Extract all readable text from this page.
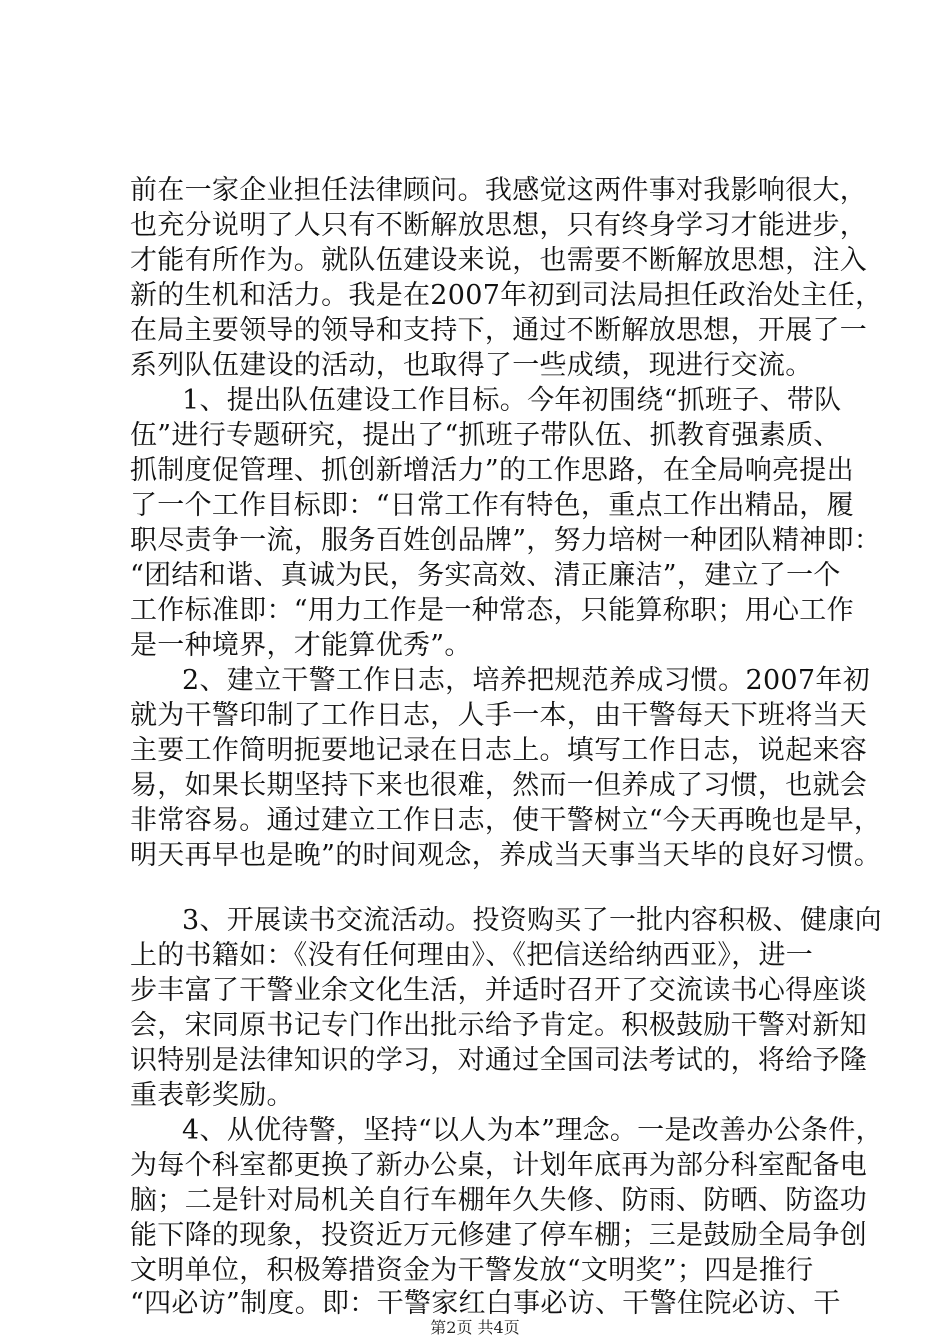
前在一家企业担任法律顾问。我感觉这两件事对我影响很大，
也充分说明了人只有不断解放思想，只有终身学习才能进步，
才能有所作为。就队伍建设来说，也需要不断解放思想，注入
新的生机和活力。我是在2007年初到司法局担任政治处主任，
在局主要领导的领导和支持下，通过不断解放思想，开展了一
系列队伍建设的活动，也取得了一些成绩，现进行交流。
1、提出队伍建设工作目标。今年初围绕“抓班子、带队
伍”进行专题研究，提出了“抓班子带队伍、抓教育强素质、
抓制度促管理、抓创新增活力”的工作思路，在全局响亮提出
了一个工作目标即：“日常工作有特色，重点工作出精品，履
职尽责争一流，服务百姓创品牌”，努力培树一种团队精神即：
“团结和谐、真诚为民，务实高效、清正廉洁”，建立了一个
工作标准即：“用力工作是一种常态，只能算称职；用心工作
是一种境界，才能算优秀”。
2、建立干警工作日志，培养把规范养成习惯。2007年初
就为干警印制了工作日志，人手一本，由干警每天下班将当天
主要工作简明扼要地记录在日志上。填写工作日志，说起来容
易，如果长期坚持下来也很难，然而一但养成了习惯，也就会
非常容易。通过建立工作日志，使干警树立“今天再晚也是早，
明天再早也是晚”的时间观念，养成当天事当天毕的良好习惯。
3、开展读书交流活动。投资购买了一批内容积极、健康向
上的书籍如：《没有任何理由》、《把信送给纳西亚》，进一
步丰富了干警业余文化生活，并适时召开了交流读书心得座谈
会，宋同原书记专门作出批示给予肯定。积极鼓励干警对新知
识特别是法律知识的学习，对通过全国司法考试的，将给予隆
重表彰奖励。
4、从优待警，坚持“以人为本”理念。一是改善办公条件，
为每个科室都更换了新办公桌，计划年底再为部分科室配备电
脑；二是针对局机关自行车棚年久失修、防雨、防晒、防盗功
能下降的现象，投资近万元修建了停车棚；三是鼓励全局争创
文明单位，积极筹措资金为干警发放“文明奖”；四是推行
第2页 共4页
“四必访”制度。即：干警家红白事必访、干警住院必访、干
